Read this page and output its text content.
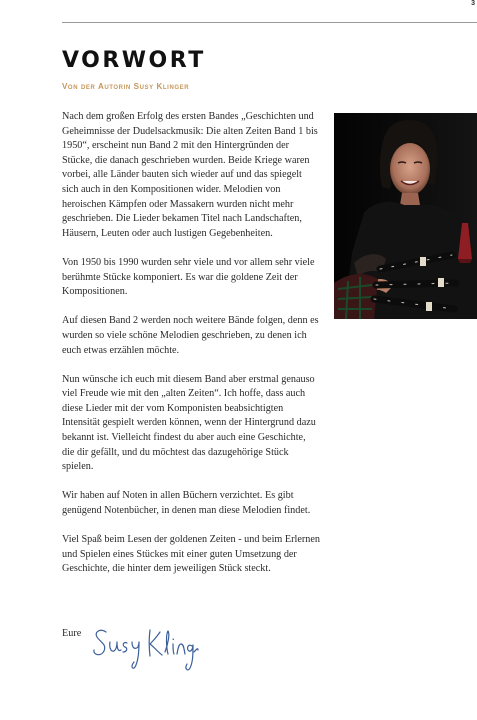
3
VORWORT
Von der Autorin Susy Klinger

Nach dem großen Erfolg des ersten Bandes „Geschichten und Geheimnisse der Dudelsackmusik: Die alten Zeiten Band 1 bis 1950“, erscheint nun Band 2 mit den Hintergründen der Stücke, die danach geschrieben wurden. Beide Kriege waren vorbei, alle Länder bauten sich wieder auf und das spiegelt sich auch in den Kompositionen wider. Melodien von heroischen Kämpfen oder Massakern wurden nicht mehr geschrieben. Die Lieder bekamen Titel nach Landschaften, Häusern, Leuten oder auch lustigen Gegebenheiten.

Von 1950 bis 1990 wurden sehr viele und vor allem sehr viele berühmte Stücke komponiert. Es war die goldene Zeit der Kompositionen.

Auf diesen Band 2 werden noch weitere Bände folgen, denn es wurden so viele schöne Melodien geschrieben, zu denen ich euch etwas erzählen möchte.

Nun wünsche ich euch mit diesem Band aber erstmal genauso viel Freude wie mit den „alten Zeiten“. Ich hoffe, dass auch diese Lieder mit der vom Komponisten beabsichtigten Intensität gespielt werden können, wenn der Hintergrund dazu bekannt ist. Vielleicht findest du aber auch eine Geschichte, die dir gefällt, und du möchtest das dazugehörige Stück spielen.

Wir haben auf Noten in allen Büchern verzichtet. Es gibt genügend Notenbücher, in denen man diese Melodien findet.

Viel Spaß beim Lesen der goldenen Zeiten - und beim Erlernen und Spielen eines Stückes mit einer guten Umsetzung der Geschichte, die hinter dem jeweiligen Stück steckt.

Eure
